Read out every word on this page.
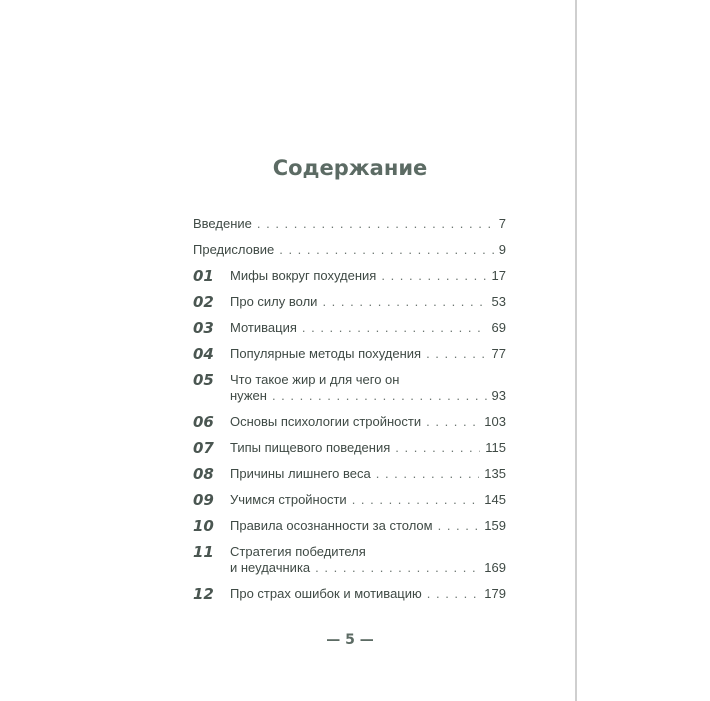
Содержание
Введение . . .	7
Предисловие . . .	9
01	Мифы вокруг похудения . . .	17
02	Про силу воли . . .	53
03	Мотивация . . .	69
04	Популярные методы похудения . . .	77
05	Что такое жир и для чего он
нужен . . .	93
06	Основы психологии стройности . . .	103
07	Типы пищевого поведения . . .	115
08	Причины лишнего веса . . .	135
09	Учимся стройности . . .	145
10	Правила осознанности за столом . . .	159
11	Стратегия победителя
и неудачника . . .	169
12	Про страх ошибок и мотивацию . . .	179
— 5 —
